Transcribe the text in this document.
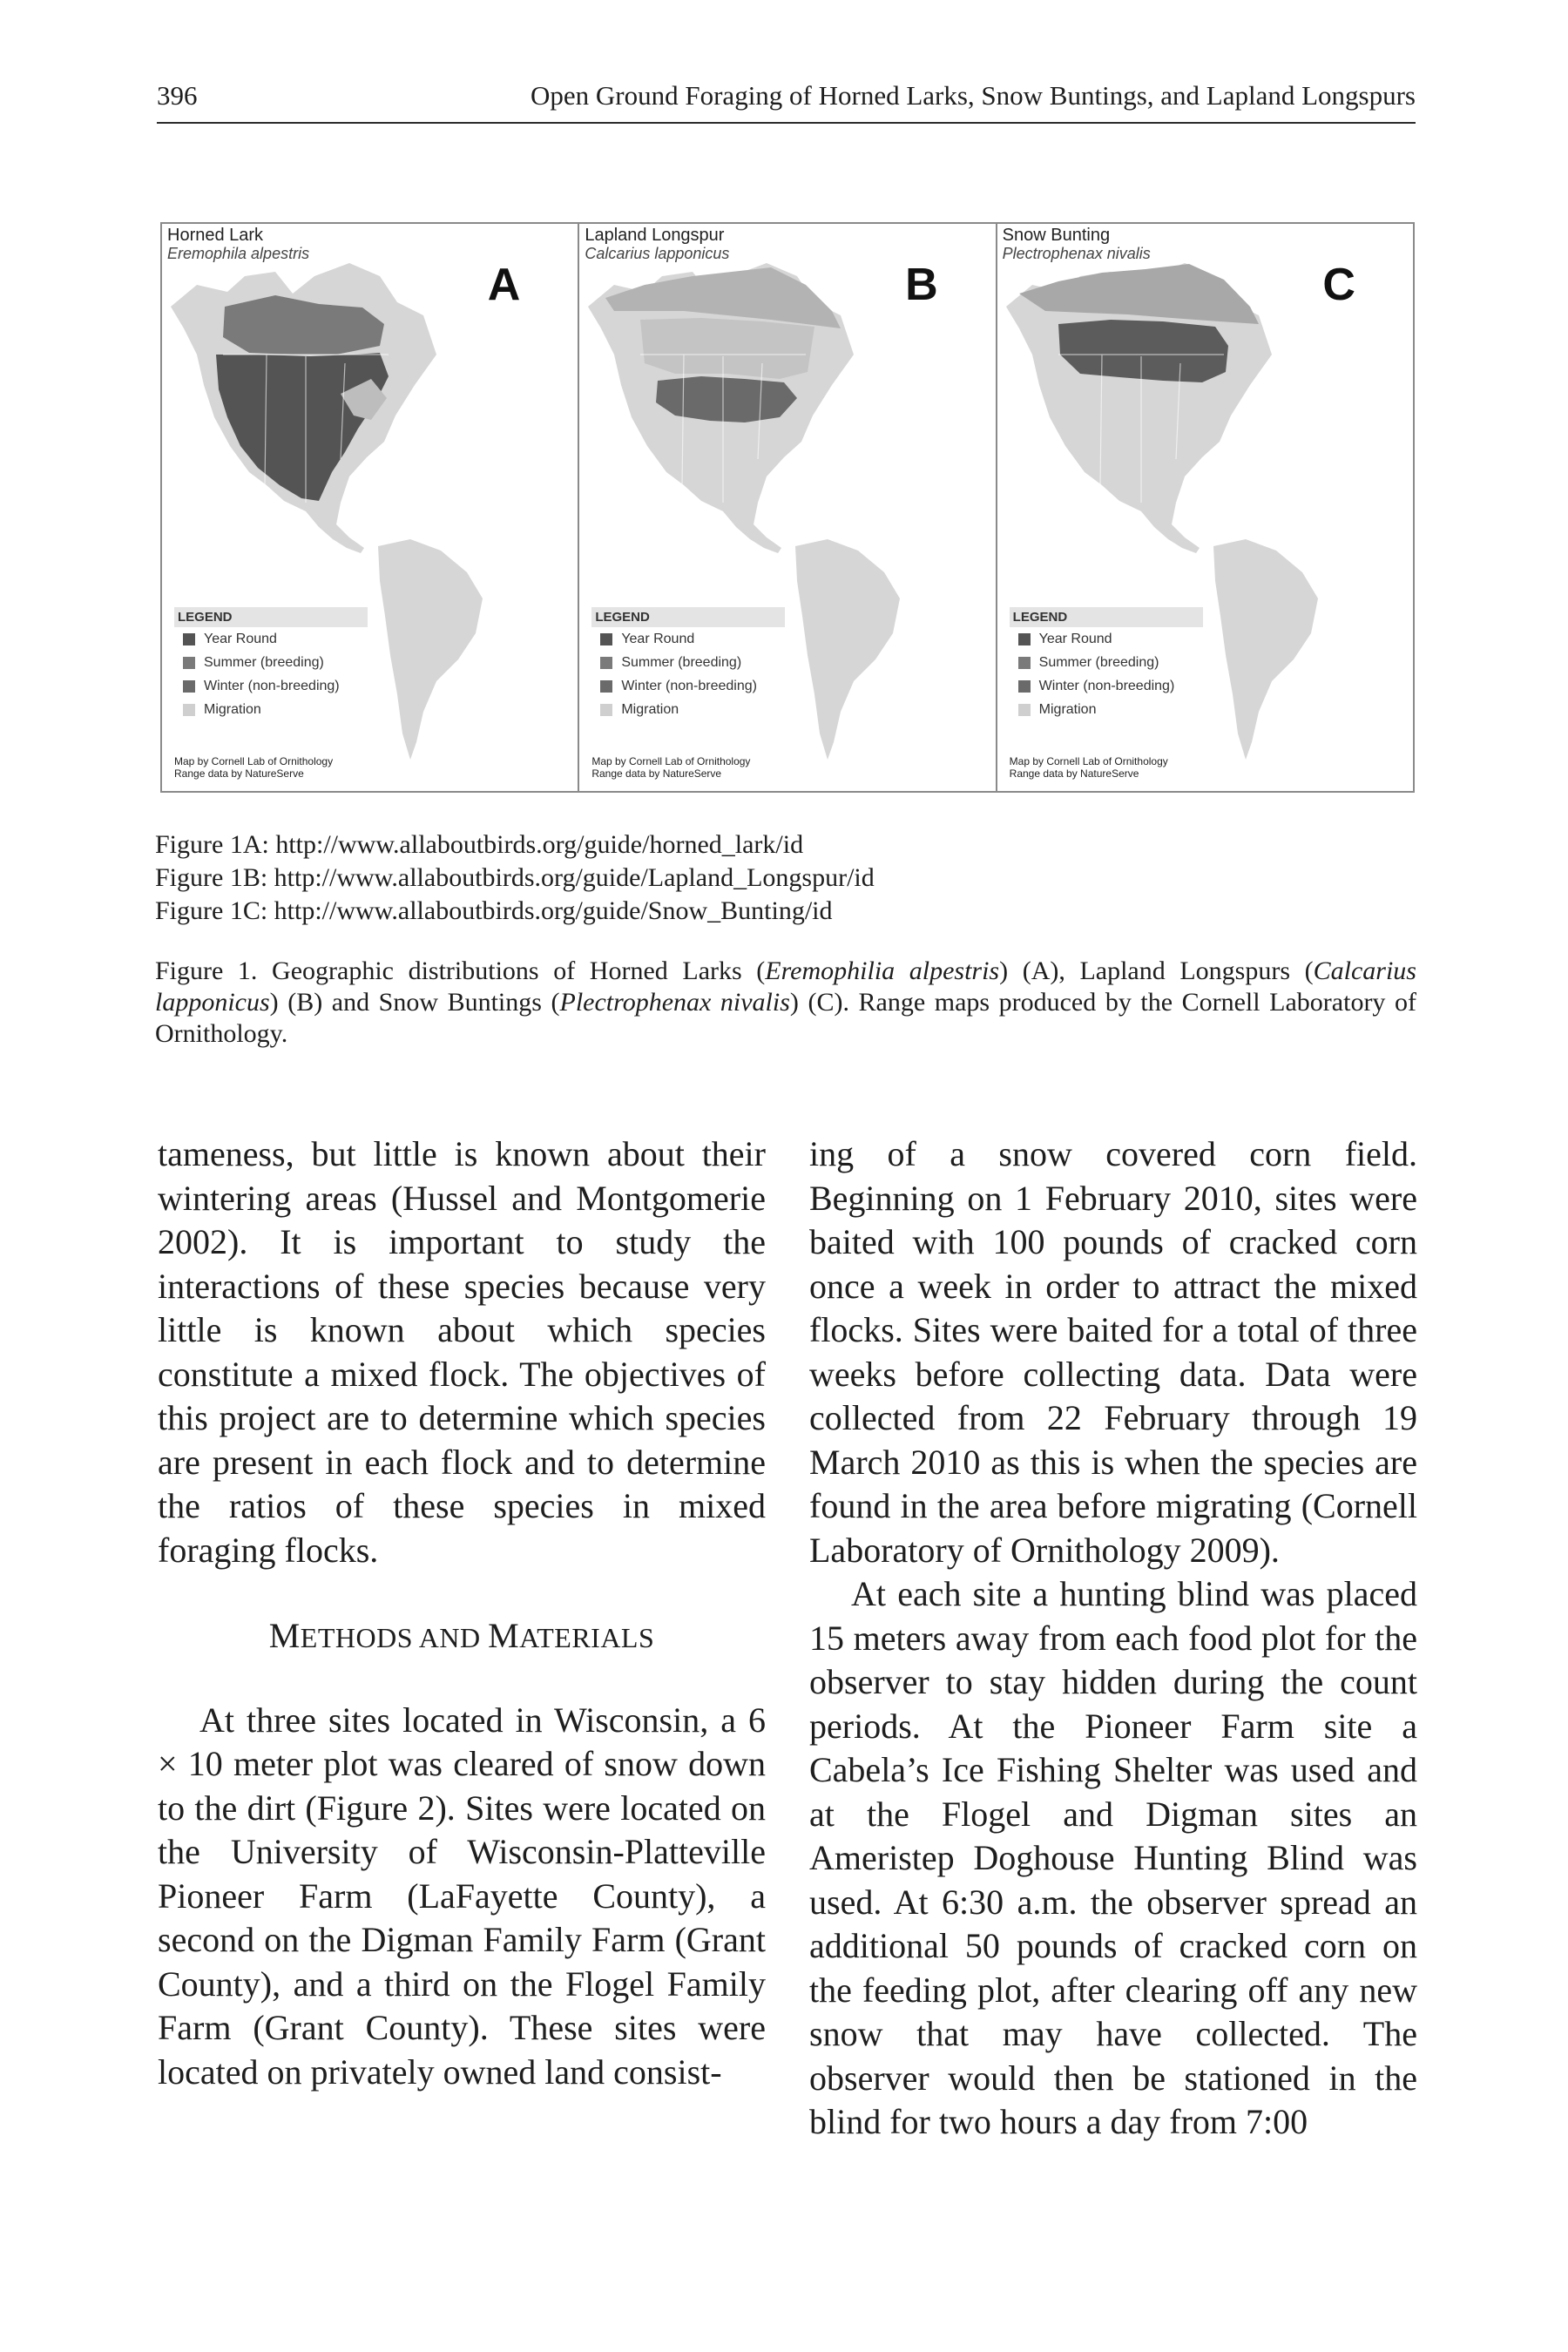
396	Open Ground Foraging of Horned Larks, Snow Buntings, and Lapland Longspurs
Horned Lark
Eremophila alpestris
A
LEGEND
Year Round
Summer (breeding)
Winter (non-breeding)
Migration
Map by Cornell Lab of Ornithology
Range data by NatureServe
Lapland Longspur
Calcarius lapponicus
B
LEGEND
Year Round
Summer (breeding)
Winter (non-breeding)
Migration
Map by Cornell Lab of Ornithology
Range data by NatureServe
Snow Bunting
Plectrophenax nivalis
C
LEGEND
Year Round
Summer (breeding)
Winter (non-breeding)
Migration
Map by Cornell Lab of Ornithology
Range data by NatureServe
Figure 1A: http://www.allaboutbirds.org/guide/horned_lark/id
Figure 1B: http://www.allaboutbirds.org/guide/Lapland_Longspur/id
Figure 1C: http://www.allaboutbirds.org/guide/Snow_Bunting/id
Figure 1. Geographic distributions of Horned Larks (Eremophilia alpestris) (A), Lapland Longspurs (Calcarius lapponicus) (B) and Snow Buntings (Plectrophenax nivalis) (C). Range maps produced by the Cornell Laboratory of Ornithology.

tameness, but little is known about their wintering areas (Hussel and Montgomerie 2002). It is important to study the interactions of these species because very little is known about which species constitute a mixed flock. The objectives of this project are to determine which species are present in each flock and to determine the ratios of these species in mixed foraging flocks.

METHODS AND MATERIALS

At three sites located in Wisconsin, a 6 × 10 meter plot was cleared of snow down to the dirt (Figure 2). Sites were located on the University of Wisconsin-Platteville Pioneer Farm (LaFayette County), a second on the Digman Family Farm (Grant County), and a third on the Flogel Family Farm (Grant County). These sites were located on privately owned land consist-

ing of a snow covered corn field. Beginning on 1 February 2010, sites were baited with 100 pounds of cracked corn once a week in order to attract the mixed flocks. Sites were baited for a total of three weeks before collecting data. Data were collected from 22 February through 19 March 2010 as this is when the species are found in the area before migrating (Cornell Laboratory of Ornithology 2009).

At each site a hunting blind was placed 15 meters away from each food plot for the observer to stay hidden during the count periods. At the Pioneer Farm site a Cabela’s Ice Fishing Shelter was used and at the Flogel and Digman sites an Ameristep Doghouse Hunting Blind was used. At 6:30 a.m. the observer spread an additional 50 pounds of cracked corn on the feeding plot, after clearing off any new snow that may have collected. The observer would then be stationed in the blind for two hours a day from 7:00
